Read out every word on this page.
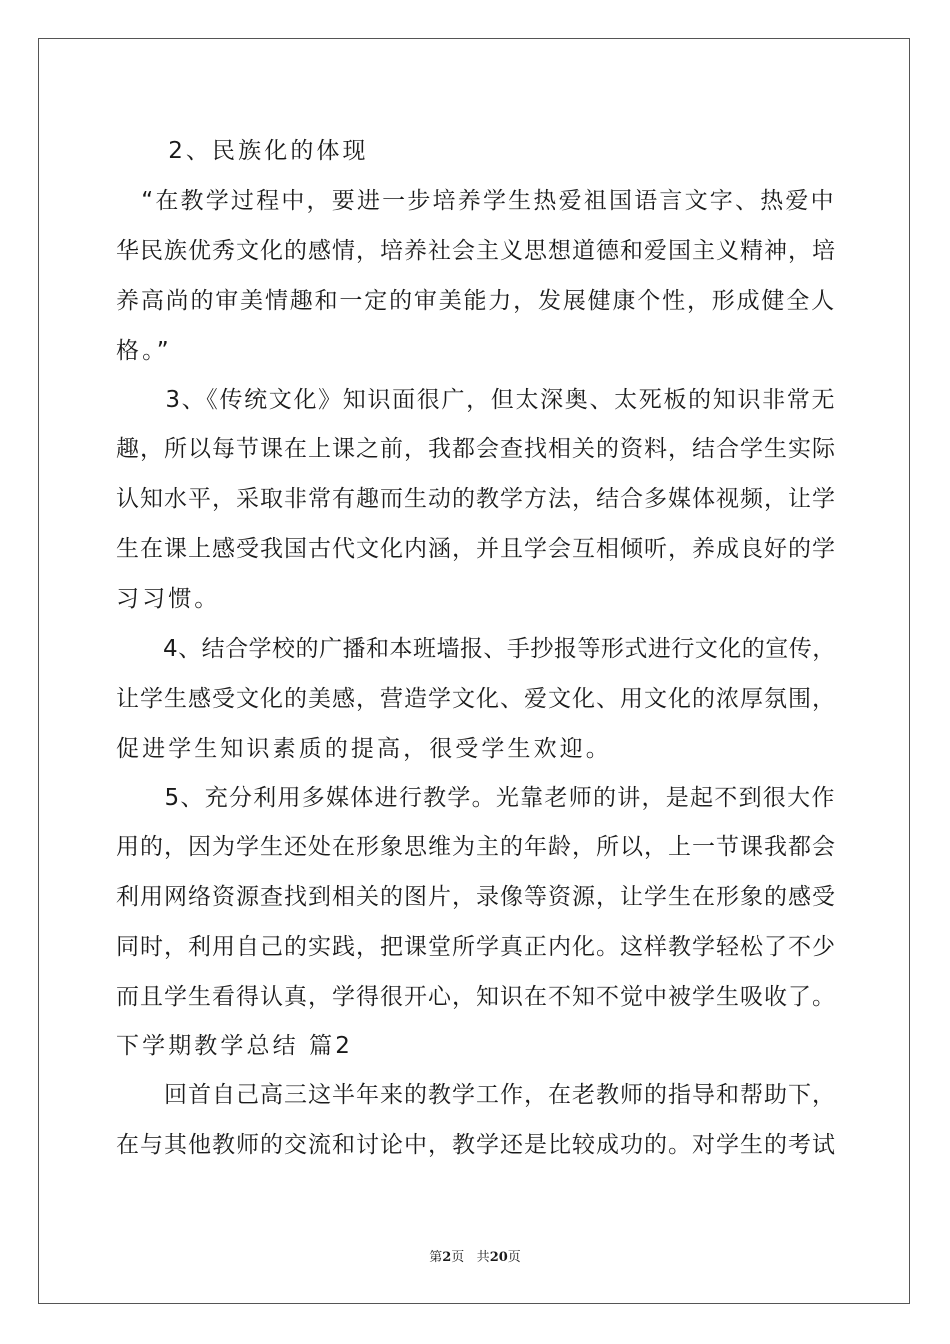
　　2、民族化的体现
　“在教学过程中，要进一步培养学生热爱祖国语言文字、热爱中
华民族优秀文化的感情，培养社会主义思想道德和爱国主义精神，培
养高尚的审美情趣和一定的审美能力，发展健康个性，形成健全人
格。”
　　3、《传统文化》知识面很广，但太深奥、太死板的知识非常无
趣，所以每节课在上课之前，我都会查找相关的资料，结合学生实际
认知水平，采取非常有趣而生动的教学方法，结合多媒体视频，让学
生在课上感受我国古代文化内涵，并且学会互相倾听，养成良好的学
习习惯。
　　4、结合学校的广播和本班墙报、手抄报等形式进行文化的宣传，
让学生感受文化的美感，营造学文化、爱文化、用文化的浓厚氛围，
促进学生知识素质的提高，很受学生欢迎。
　　5、充分利用多媒体进行教学。光靠老师的讲，是起不到很大作
用的，因为学生还处在形象思维为主的年龄，所以，上一节课我都会
利用网络资源查找到相关的图片，录像等资源，让学生在形象的感受
同时，利用自己的实践，把课堂所学真正内化。这样教学轻松了不少
而且学生看得认真，学得很开心，知识在不知不觉中被学生吸收了。
下学期教学总结 篇2
　　回首自己高三这半年来的教学工作，在老教师的指导和帮助下，
在与其他教师的交流和讨论中，教学还是比较成功的。对学生的考试
第2页 共20页
